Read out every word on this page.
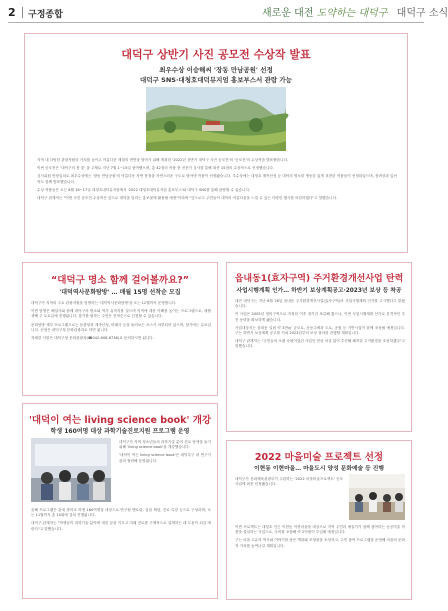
2 구정종합	새로운 대전 도약하는 대덕구 대덕구 소식
대덕구 상반기 사진 공모전 수상작 발표
최우수상 이승해씨 '장동 만남공원' 선정
대덕구 SNS·대청호대덕뮤지엄 홍보부스서 관람 가능

지역 내 다양한 관광자원의 가치를 높이고 아름다운 계절의 면면을 담아가 위해 개최한 '2022년 상반기 대덕구 사진 공모전'의 '공모전'의 수상작을 발표했습니다.

이번 공모전은 '대덕구의 봄 꽃' 을 주제로 지난 7월 1~15일 참여했으며, 총 42점의 작품 중 전문가 심사를 통해 최종 15점의 수상작으로 선정했습니다.

심사위원 만장일치로 최우수상에는 '장동 만남공원'의 아름다운 자연 풍경을 자연스러운 구도로 담아낸 작품이 선정됐습니다. 우수상에는 대청호 계족산성 등 대덕의 명소를 생동감 있게 표현한 작품들이 선정되었으며, 장려상과 입선작도 함께 발표했습니다.

수상 작품들은 오는 8월 16~17일 대청호대덕뮤지엄에서 '2022 대청호대덕뮤지엄 홍보부스'와 대덕구 SNS를 통해 관람할 수 있습니다.

대덕구 관계자는 "이번 사진 공모전 수상작은 앞으로 대덕을 알리는 홍보물에 활용될 예정"이라며 "앞으로도 주민들이 대덕의 아름다움을 느낄 수 있는 다양한 행사를 마련하겠다"고 말했습니다.

“대덕구 명소 함께 걸어볼까요?”
'대덕역사문화탐방' … 매월 15명 선착순 모집

대덕구가 지역의 주요 관광자원을 탐방하는 '대덕역사문화탐방'을 오는 12월까지 운영합니다.

이번 탐방은 해설사와 함께 대덕구의 명소와 역사 유적지를 걸으며 지역에 대한 이해를 높이는 프로그램으로, 매월 셋째 주 토요일에 진행됩니다. 참가를 원하는 주민은 선착순으로 신청할 수 있습니다.

문화탐방 세부 프로그램으로는 동춘당과 계족산성, 비래사 등을 둘러보는 코스가 마련되어 있으며, 참가비는 무료입니다. 신청은 대덕구청 문화관광과로 하면 됩니다.

자세한 사항은 대덕구청 문화관광과(☎042-608-6736)로 문의하시면 됩니다.

'대덕이 여는 living science book' 개강
학생 160여명 대상 과학기술진로지원 프로그램 운영

대덕구가 지역 청소년들의 과학기술 분야 진로 탐색을 돕기 위해 'living science book'을 개강했습니다.

'대덕이 여는 living science book'은 대덕특구 내 연구기관과 협력해 운영됩니다.

올해 프로그램은 관내 중학교 학생 160여명을 대상으로 연구원 멘토링, 실험 체험, 진로 특강 등으로 구성되며, 오는 11월까지 총 10회에 걸쳐 진행됩니다.

대덕구 관계자는 "학생들이 과학기술 분야에 대한 꿈을 키우고 미래 진로를 구체적으로 설계하는 데 도움이 되길 바란다"고 말했습니다.

읍내동1(효자구역) 주거환경개선사업 탄력
사업시행계획 인가… 하반기 보상계획공고·2023년 보상 등 착공

대전 대덕구는 지난 8월 26일 읍내동 주거환경개선사업(효자구역)의 사업시행계획 인가를 고시했다고 밝혔습니다.

이 사업은 2005년 정비구역으로 지정된 이후 장기간 표류해 왔으나, 이번 사업시행계획 인가로 본격적인 추진 동력을 확보하게 됐습니다.

사업대상지는 읍내동 일원 약 3만㎡ 규모로, 공동주택과 도로, 공원 등 기반시설이 함께 조성될 예정입니다. 구는 하반기 보상계획 공고를 거쳐 2023년부터 보상 절차를 진행할 계획입니다.

대덕구 관계자는 "주민들의 오랜 숙원이었던 사업인 만큼 차질 없이 추진해 쾌적한 주거환경을 조성하겠다"고 말했습니다.

2022 마을미술 프로젝트 선정
이현동 이현마을… 마을도시 양성 문화예술 등 진행

대덕구가 문화체육관광부가 주관하는 '2022 마을미술프로젝트' 공모사업에 최종 선정됐습니다.

이번 프로젝트는 대청호 인근 이현동 이현마을을 대상으로 지역 주민과 예술가가 함께 참여하는 공공미술 작품을 설치하는 사업으로, 국비를 포함해 약 2억원이 투입될 예정입니다.

구는 마을 고유의 역사와 이야기를 담은 벽화와 조형물을 조성하고, 주민 참여 프로그램을 운영해 마을의 문화적 가치를 높여나갈 계획입니다.
